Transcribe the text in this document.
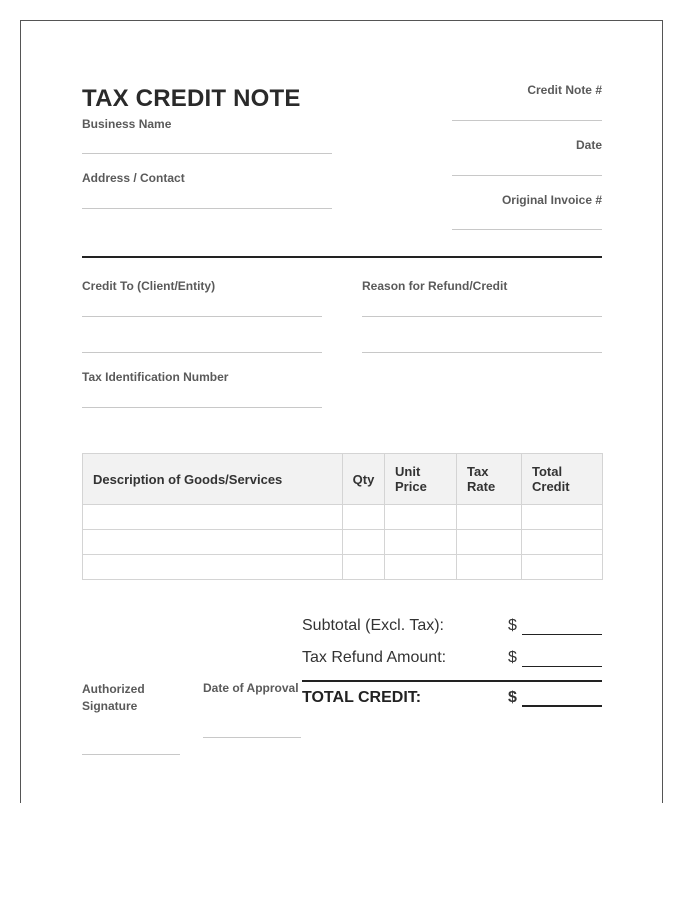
TAX CREDIT NOTE
Business Name
Address / Contact
Credit Note #
Date
Original Invoice #
Credit To (Client/Entity)	Reason for Refund/Credit
Tax Identification Number
Description of Goods/Services	Qty	Unit Price	Tax Rate	Total Credit

Subtotal (Excl. Tax):	$
Tax Refund Amount:	$
TOTAL CREDIT:	$
Authorized Signature
Date of Approval
